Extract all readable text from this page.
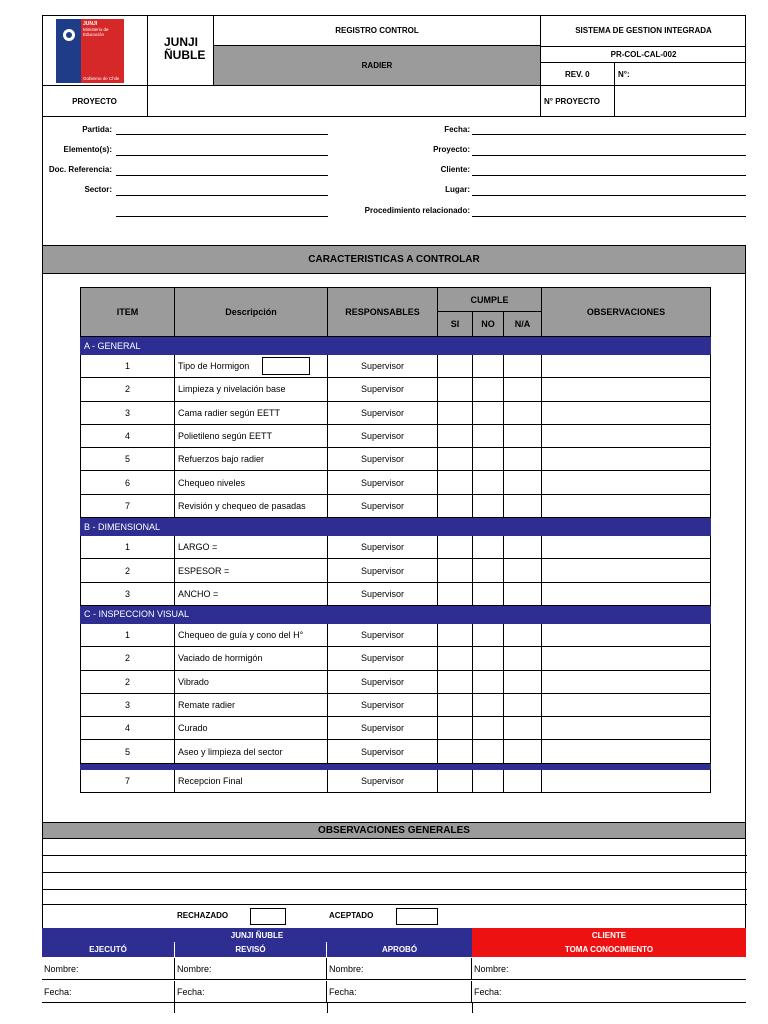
JUNJI
Ministerio de Educación
Gobierno de Chile
JUNJI
ÑUBLE
REGISTRO CONTROL
RADIER
SISTEMA DE GESTION INTEGRADA
PR-COL-CAL-002
REV. 0	N°:
PROYECTO	N° PROYECTO
Partida:
Elemento(s):
Doc. Referencia:
Sector:
Fecha:
Proyecto:
Cliente:
Lugar:
Procedimiento relacionado:
CARACTERISTICAS A CONTROLAR
ITEM	Descripción	RESPONSABLES	CUMPLE			OBSERVACIONES
			SI	NO	N/A	
A - GENERAL						
1	Tipo de Hormigon	Supervisor				
2	Limpieza y nivelación base	Supervisor				
3	Cama radier según EETT	Supervisor				
4	Polietileno según EETT	Supervisor				
5	Refuerzos bajo radier	Supervisor				
6	Chequeo niveles	Supervisor				
7	Revisión y chequeo de pasadas	Supervisor				
B - DIMENSIONAL						
1	LARGO =	Supervisor				
2	ESPESOR =	Supervisor				
3	ANCHO =	Supervisor				
C - INSPECCION VISUAL						
1	Chequeo de guía y cono del H°	Supervisor				
2	Vaciado de hormigón	Supervisor				
2	Vibrado	Supervisor				
3	Remate radier	Supervisor				
4	Curado	Supervisor				
5	Aseo y limpieza del sector	Supervisor				

7	Recepcion Final	Supervisor				
OBSERVACIONES GENERALES
RECHAZADO	ACEPTADO
JUNJI ÑUBLE	CLIENTE
EJECUTÓ	REVISÓ	APROBÓ	TOMA CONOCIMIENTO
Nombre:	Nombre:	Nombre:	Nombre:
Fecha:	Fecha:	Fecha:	Fecha:
